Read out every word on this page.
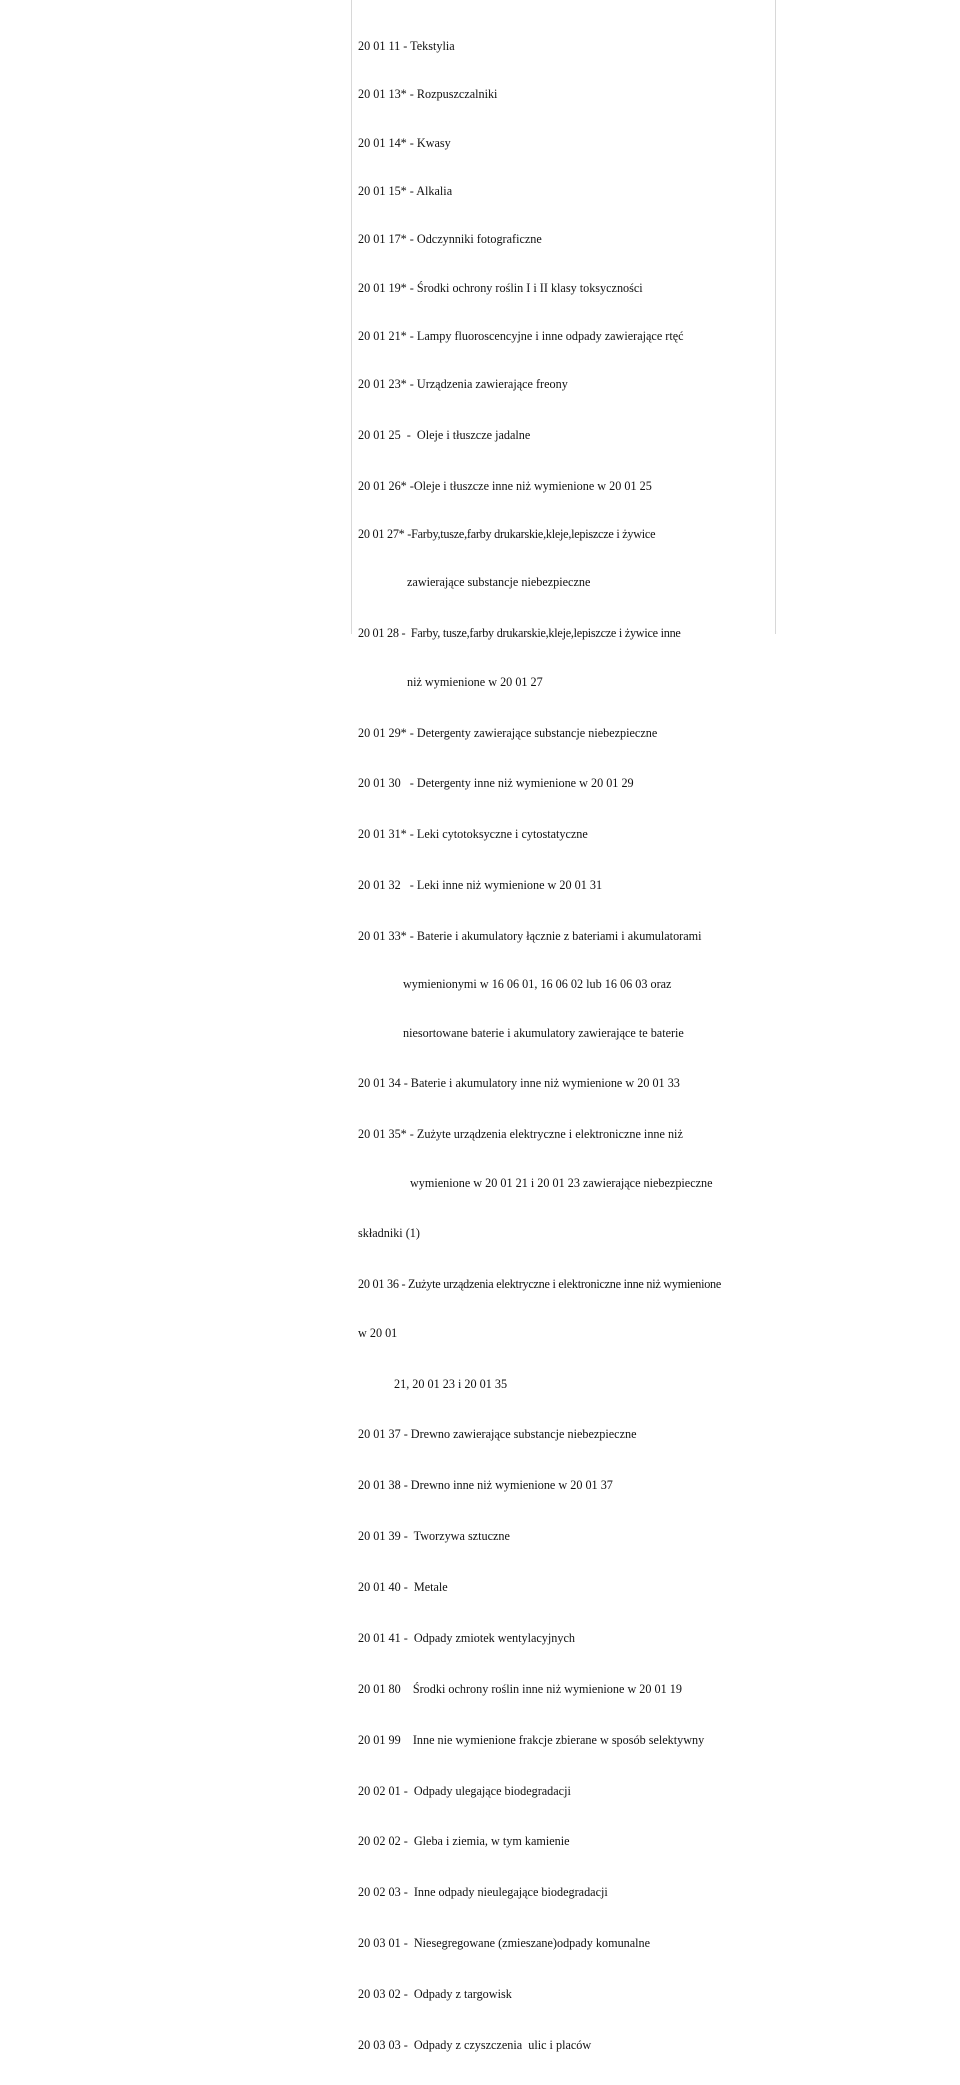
20 01 11 - Tekstylia

20 01 13* - Rozpuszczalniki

20 01 14* - Kwasy

20 01 15* - Alkalia

20 01 17* - Odczynniki fotograficzne

20 01 19* - Środki ochrony roślin I i II klasy toksyczności

20 01 21* - Lampy fluoroscencyjne i inne odpady zawierające rtęć

20 01 23* - Urządzenia zawierające freony

20 01 25  -  Oleje i tłuszcze jadalne

20 01 26* -Oleje i tłuszcze inne niż wymienione w 20 01 25

20 01 27* -Farby,tusze,farby drukarskie,kleje,lepiszcze i żywice

zawierające substancje niebezpieczne

20 01 28 -  Farby, tusze,farby drukarskie,kleje,lepiszcze i żywice inne

niż wymienione w 20 01 27

20 01 29* - Detergenty zawierające substancje niebezpieczne

20 01 30   - Detergenty inne niż wymienione w 20 01 29

20 01 31* - Leki cytotoksyczne i cytostatyczne

20 01 32   - Leki inne niż wymienione w 20 01 31

20 01 33* - Baterie i akumulatory łącznie z bateriami i akumulatorami

wymienionymi w 16 06 01, 16 06 02 lub 16 06 03 oraz

niesortowane baterie i akumulatory zawierające te baterie

20 01 34 - Baterie i akumulatory inne niż wymienione w 20 01 33

20 01 35* - Zużyte urządzenia elektryczne i elektroniczne inne niż

wymienione w 20 01 21 i 20 01 23 zawierające niebezpieczne

składniki (1)

20 01 36 - Zużyte urządzenia elektryczne i elektroniczne inne niż wymienione

w 20 01

21, 20 01 23 i 20 01 35

20 01 37 - Drewno zawierające substancje niebezpieczne

20 01 38 - Drewno inne niż wymienione w 20 01 37

20 01 39 -  Tworzywa sztuczne

20 01 40 -  Metale

20 01 41 -  Odpady zmiotek wentylacyjnych

20 01 80    Środki ochrony roślin inne niż wymienione w 20 01 19

20 01 99    Inne nie wymienione frakcje zbierane w sposób selektywny

20 02 01 -  Odpady ulegające biodegradacji

20 02 02 -  Gleba i ziemia, w tym kamienie

20 02 03 -  Inne odpady nieulegające biodegradacji

20 03 01 -  Niesegregowane (zmieszane)odpady komunalne

20 03 02 -  Odpady z targowisk

20 03 03 -  Odpady z czyszczenia  ulic i placów
